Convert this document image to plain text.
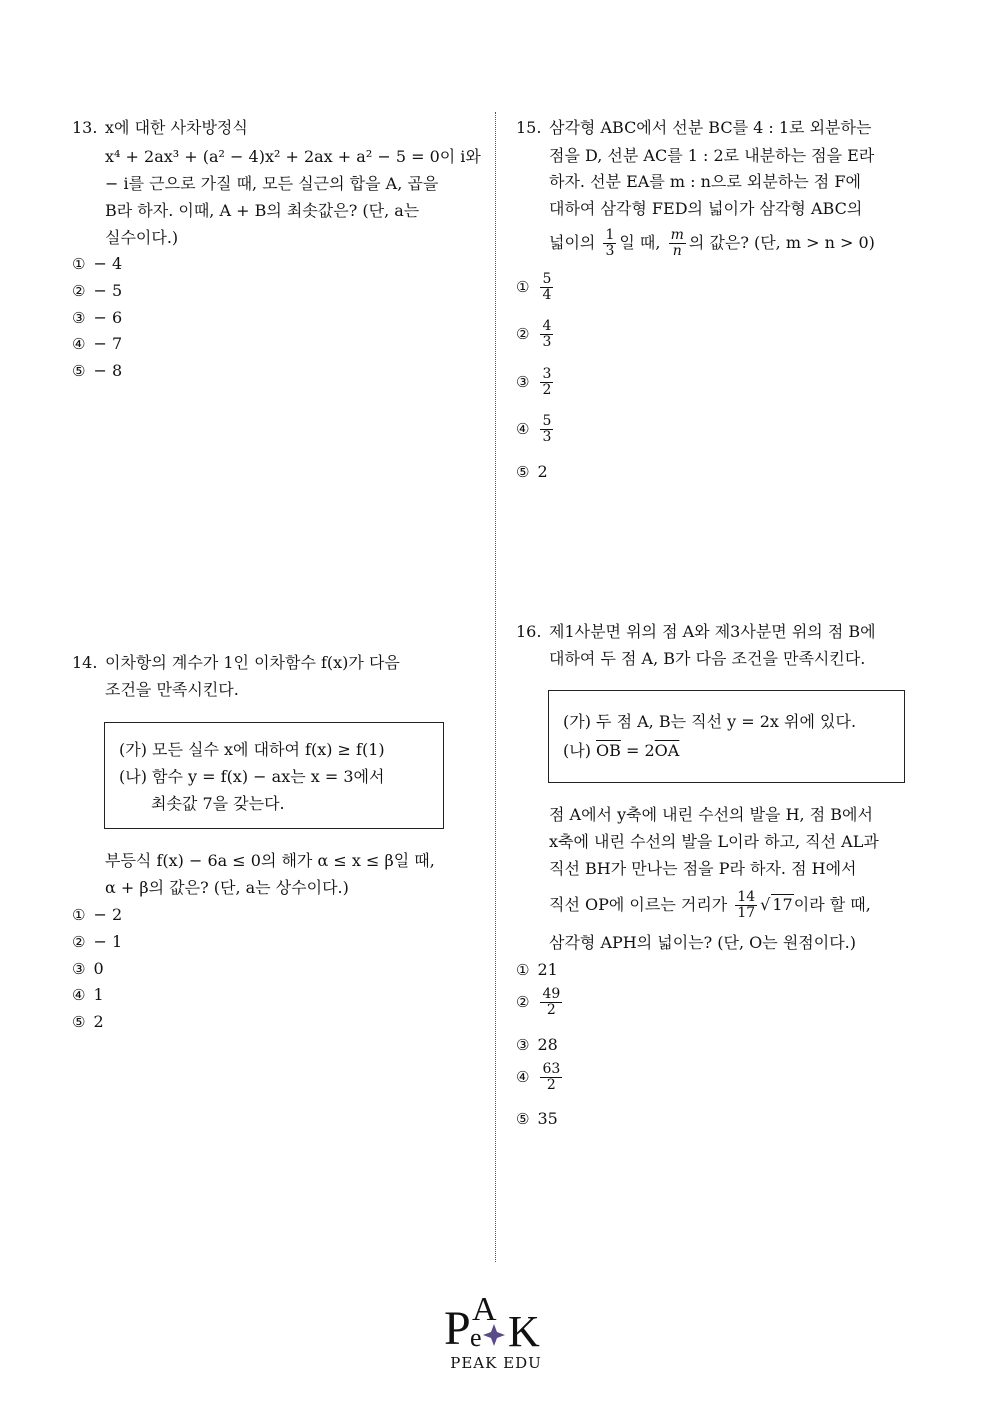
13. x에 대한 사차방정식
x⁴ + 2ax³ + (a² − 4)x² + 2ax + a² − 5 = 0이 i와
− i를 근으로 가질 때, 모든 실근의 합을 A, 곱을
B라 하자. 이때, A + B의 최솟값은? (단, a는
실수이다.)
① − 4
② − 5
③ − 6
④ − 7
⑤ − 8
14. 이차항의 계수가 1인 이차함수 f(x)가 다음
조건을 만족시킨다.
(가) 모든 실수 x에 대하여 f(x) ≥ f(1)
(나) 함수 y = f(x) − ax는 x = 3에서
최솟값 7을 갖는다.
부등식 f(x) − 6a ≤ 0의 해가 α ≤ x ≤ β일 때,
α + β의 값은? (단, a는 상수이다.)
① − 2
② − 1
③ 0
④ 1
⑤ 2
15. 삼각형 ABC에서 선분 BC를 4 : 1로 외분하는
점을 D, 선분 AC를 1 : 2로 내분하는 점을 E라
하자. 선분 EA를 m : n으로 외분하는 점 F에
대하여 삼각형 FED의 넓이가 삼각형 ABC의
넓이의 $\frac{1}{3}$ 일 때, $\frac{m}{n}$ 의 값은? (단, m > n > 0)
① $\frac{5}{4}$
② $\frac{4}{3}$
③ $\frac{3}{2}$
④ $\frac{5}{3}$
⑤ 2
16. 제1사분면 위의 점 A와 제3사분면 위의 점 B에
대하여 두 점 A, B가 다음 조건을 만족시킨다.
(가) 두 점 A, B는 직선 y = 2x 위에 있다.
(나) $\overline{OB} = 2\overline{OA}$
점 A에서 y축에 내린 수선의 발을 H, 점 B에서
x축에 내린 수선의 발을 L이라 하고, 직선 AL과
직선 BH가 만나는 점을 P라 하자. 점 H에서
직선 OP에 이르는 거리가 $\frac{14}{17}$ √ 17이라 할 때,
삼각형 APH의 넓이는? (단, O는 원점이다.)
① 21
② $\frac{49}{2}$
③ 28
④ $\frac{63}{2}$
⑤ 35
P A
e K
PEAK EDU
